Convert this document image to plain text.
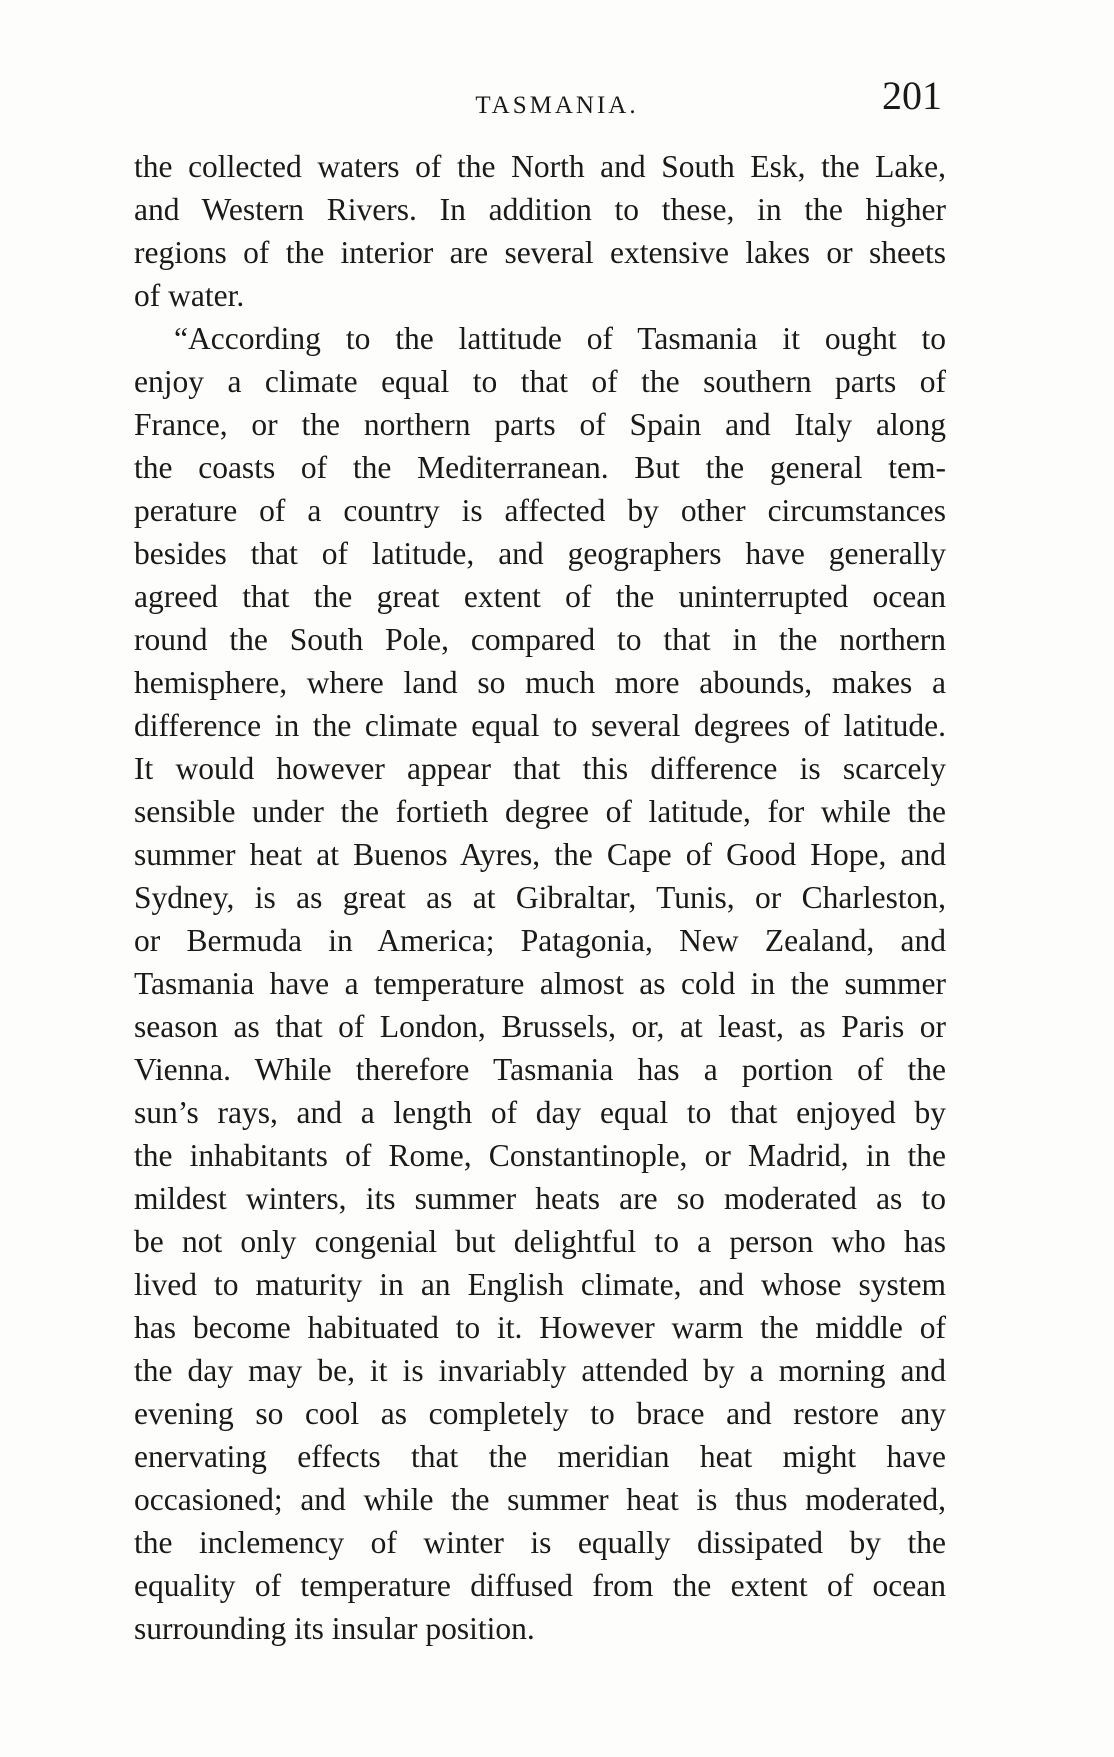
TASMANIA.	201
the collected waters of the North and South Esk, the Lake,
and Western Rivers. In addition to these, in the higher
regions of the interior are several extensive lakes or sheets
of water.
“According to the lattitude of Tasmania it ought to
enjoy a climate equal to that of the southern parts of
France, or the northern parts of Spain and Italy along
the coasts of the Mediterranean. But the general tem-
perature of a country is affected by other circumstances
besides that of latitude, and geographers have generally
agreed that the great extent of the uninterrupted ocean
round the South Pole, compared to that in the northern
hemisphere, where land so much more abounds, makes a
difference in the climate equal to several degrees of latitude.
It would however appear that this difference is scarcely
sensible under the fortieth degree of latitude, for while the
summer heat at Buenos Ayres, the Cape of Good Hope, and
Sydney, is as great as at Gibraltar, Tunis, or Charleston,
or Bermuda in America; Patagonia, New Zealand, and
Tasmania have a temperature almost as cold in the summer
season as that of London, Brussels, or, at least, as Paris or
Vienna. While therefore Tasmania has a portion of the
sun’s rays, and a length of day equal to that enjoyed by
the inhabitants of Rome, Constantinople, or Madrid, in the
mildest winters, its summer heats are so moderated as to
be not only congenial but delightful to a person who has
lived to maturity in an English climate, and whose system
has become habituated to it. However warm the middle of
the day may be, it is invariably attended by a morning and
evening so cool as completely to brace and restore any
enervating effects that the meridian heat might have
occasioned; and while the summer heat is thus moderated,
the inclemency of winter is equally dissipated by the
equality of temperature diffused from the extent of ocean
surrounding its insular position.
